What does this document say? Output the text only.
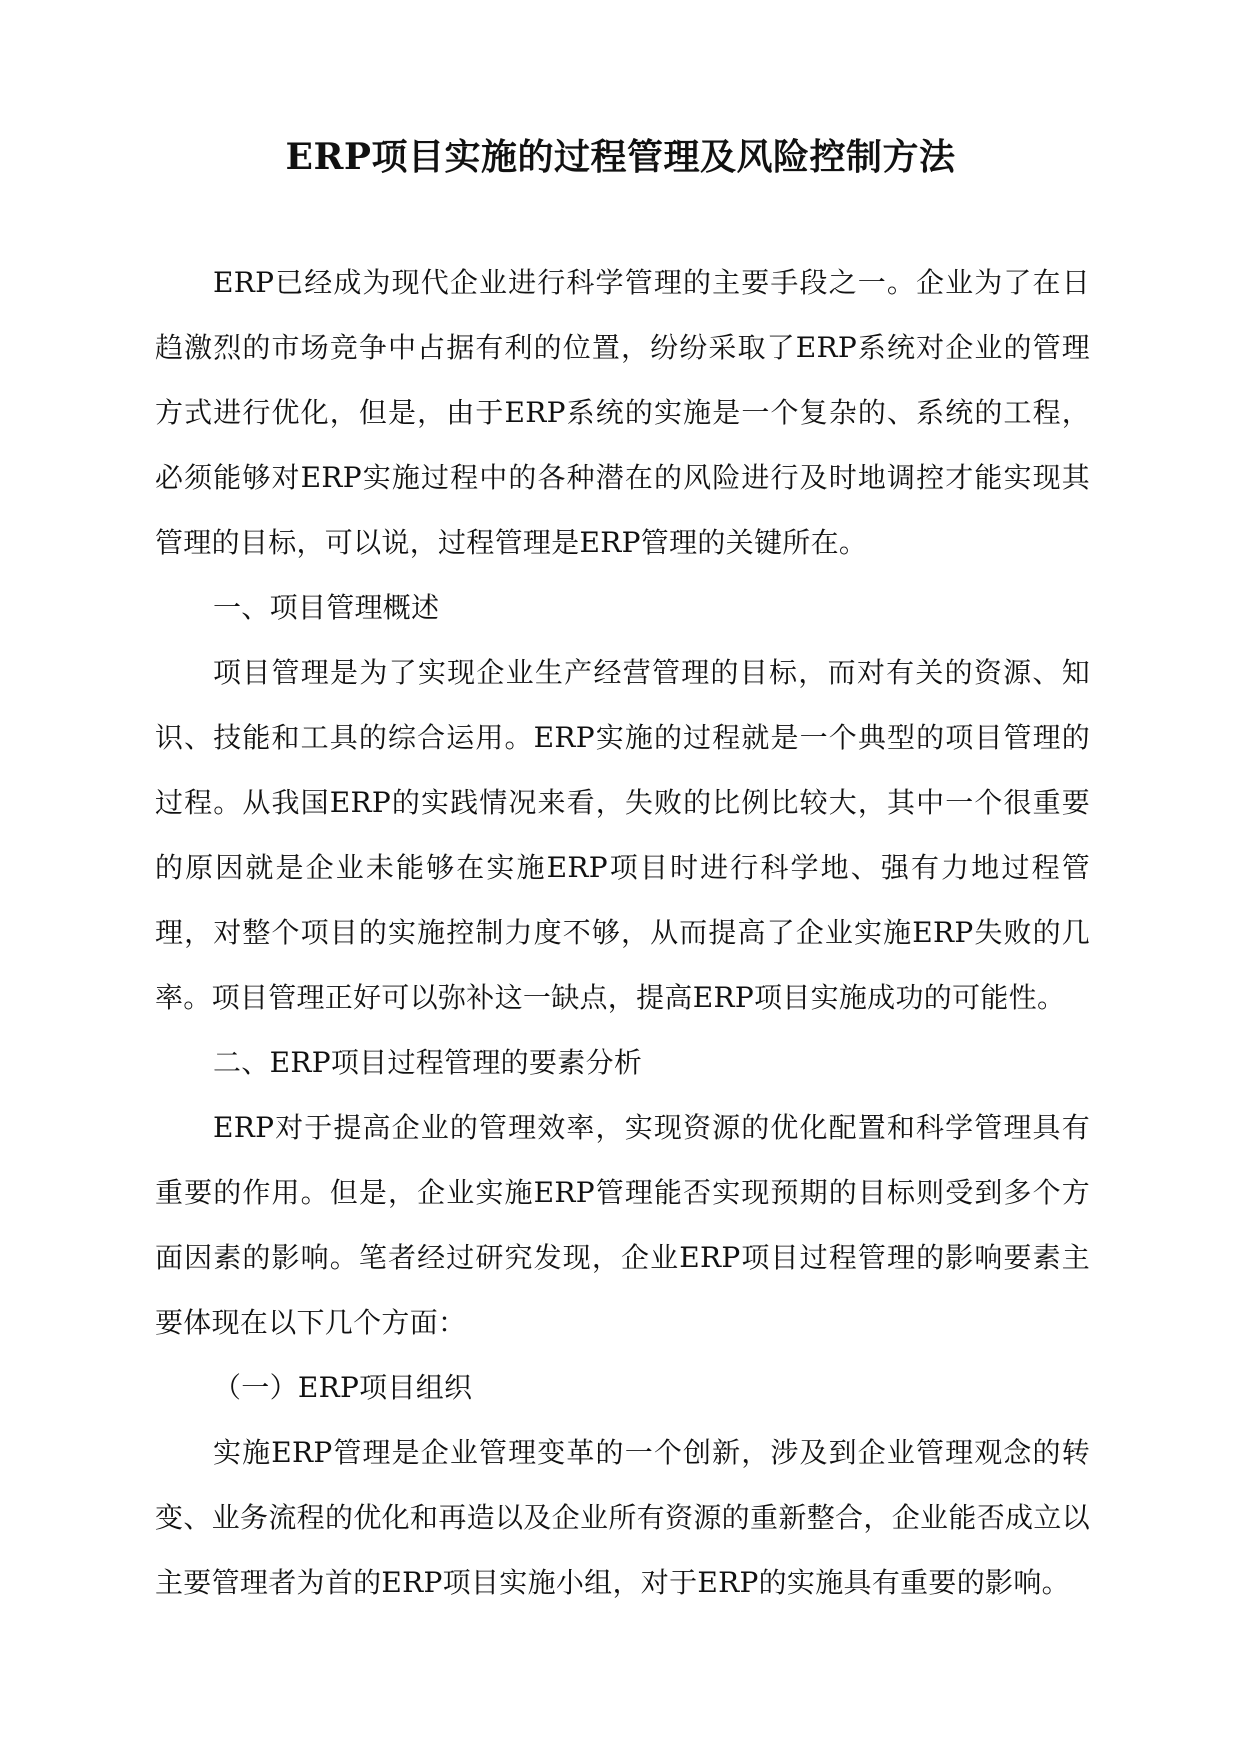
ERP项目实施的过程管理及风险控制方法

ERP已经成为现代企业进行科学管理的主要手段之一。企业为了在日趋激烈的市场竞争中占据有利的位置，纷纷采取了ERP系统对企业的管理方式进行优化，但是，由于ERP系统的实施是一个复杂的、系统的工程，必须能够对ERP实施过程中的各种潜在的风险进行及时地调控才能实现其管理的目标，可以说，过程管理是ERP管理的关键所在。

一、项目管理概述

项目管理是为了实现企业生产经营管理的目标，而对有关的资源、知识、技能和工具的综合运用。ERP实施的过程就是一个典型的项目管理的过程。从我国ERP的实践情况来看，失败的比例比较大，其中一个很重要的原因就是企业未能够在实施ERP项目时进行科学地、强有力地过程管理，对整个项目的实施控制力度不够，从而提高了企业实施ERP失败的几率。项目管理正好可以弥补这一缺点，提高ERP项目实施成功的可能性。

二、ERP项目过程管理的要素分析

ERP对于提高企业的管理效率，实现资源的优化配置和科学管理具有重要的作用。但是，企业实施ERP管理能否实现预期的目标则受到多个方面因素的影响。笔者经过研究发现，企业ERP项目过程管理的影响要素主要体现在以下几个方面：

（一）ERP项目组织

实施ERP管理是企业管理变革的一个创新，涉及到企业管理观念的转变、业务流程的优化和再造以及企业所有资源的重新整合，企业能否成立以主要管理者为首的ERP项目实施小组，对于ERP的实施具有重要的影响。
